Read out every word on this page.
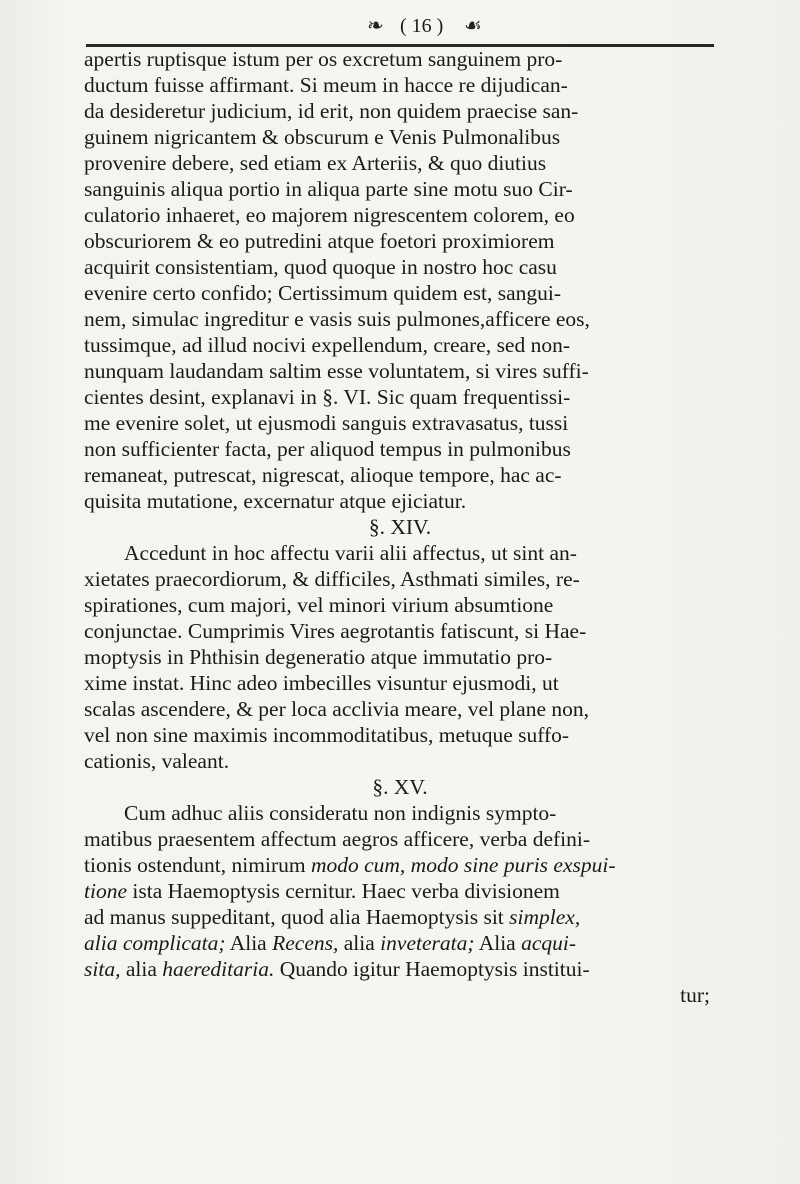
❧ ( 16 ) ☙
apertis ruptisque istum per os excretum sanguinem pro-
ductum fuisse affirmant. Si meum in hacce re dijudican-
da desideretur judicium, id erit, non quidem praecise san-
guinem nigricantem & obscurum e Venis Pulmonalibus
provenire debere, sed etiam ex Arteriis, & quo diutius
sanguinis aliqua portio in aliqua parte sine motu suo Cir-
culatorio inhaeret, eo majorem nigrescentem colorem, eo
obscuriorem & eo putredini atque foetori proximiorem
acquirit consistentiam, quod quoque in nostro hoc casu
evenire certo confido; Certissimum quidem est, sangui-
nem, simulac ingreditur e vasis suis pulmones,afficere eos,
tussimque, ad illud nocivi expellendum, creare, sed non-
nunquam laudandam saltim esse voluntatem, si vires suffi-
cientes desint, explanavi in §. VI. Sic quam frequentissi-
me evenire solet, ut ejusmodi sanguis extravasatus, tussi
non sufficienter facta, per aliquod tempus in pulmonibus
remaneat, putrescat, nigrescat, alioque tempore, hac ac-
quisita mutatione, excernatur atque ejiciatur.
§. XIV.
Accedunt in hoc affectu varii alii affectus, ut sint an-
xietates praecordiorum, & difficiles, Asthmati similes, re-
spirationes, cum majori, vel minori virium absumtione
conjunctae. Cumprimis Vires aegrotantis fatiscunt, si Hae-
moptysis in Phthisin degeneratio atque immutatio pro-
xime instat. Hinc adeo imbecilles visuntur ejusmodi, ut
scalas ascendere, & per loca acclivia meare, vel plane non,
vel non sine maximis incommoditatibus, metuque suffo-
cationis, valeant.
§. XV.
Cum adhuc aliis consideratu non indignis sympto-
matibus praesentem affectum aegros afficere, verba defini-
tionis ostendunt, nimirum modo cum, modo sine puris exspui-
tione ista Haemoptysis cernitur. Haec verba divisionem
ad manus suppeditant, quod alia Haemoptysis sit simplex,
alia complicata; Alia Recens, alia inveterata; Alia acqui-
sita, alia haereditaria. Quando igitur Haemoptysis institui-
tur;
